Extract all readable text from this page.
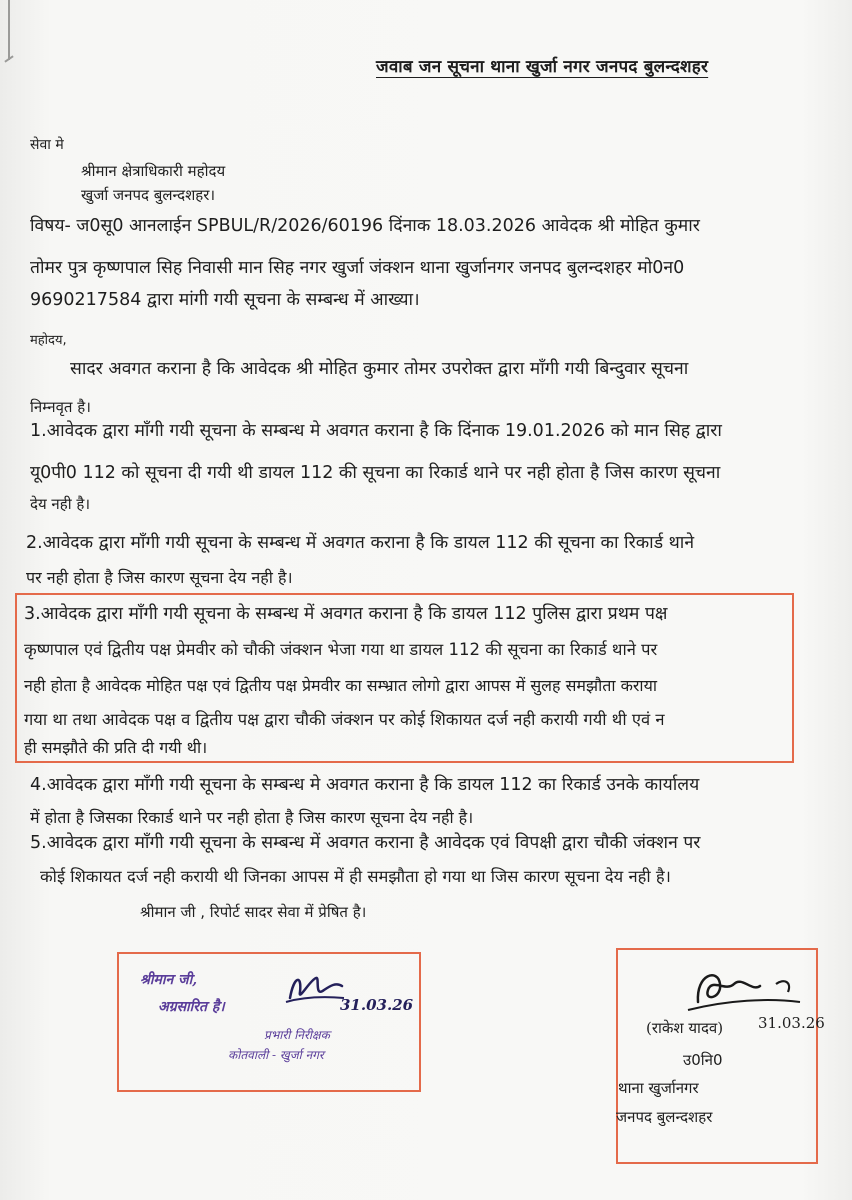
जवाब जन सूचना थाना खुर्जा नगर जनपद बुलन्दशहर
सेवा मे
श्रीमान क्षेत्राधिकारी महोदय
खुर्जा जनपद बुलन्दशहर।
विषय- ज0सू0 आनलाईन SPBUL/R/2026/60196 दिंनाक 18.03.2026 आवेदक श्री मोहित कुमार
तोमर पुत्र कृष्णपाल सिह निवासी मान सिह नगर खुर्जा जंक्शन थाना खुर्जानगर जनपद बुलन्दशहर मो0न0
9690217584 द्वारा मांगी गयी सूचना के सम्बन्ध में आख्या।
महोदय,
सादर अवगत कराना है कि आवेदक श्री मोहित कुमार तोमर उपरोक्त द्वारा माँगी गयी बिन्दुवार सूचना
निम्नवृत है।
1.आवेदक द्वारा माँगी गयी सूचना के सम्बन्ध मे अवगत कराना है कि दिंनाक 19.01.2026 को मान सिह द्वारा
यू0पी0 112 को सूचना दी गयी थी डायल 112 की सूचना का रिकार्ड थाने पर नही होता है जिस कारण सूचना
देय नही है।
2.आवेदक द्वारा माँगी गयी सूचना के सम्बन्ध में अवगत कराना है कि डायल 112 की सूचना का रिकार्ड थाने
पर नही होता है जिस कारण सूचना देय नही है।
3.आवेदक द्वारा माँगी गयी सूचना के सम्बन्ध में अवगत कराना है कि डायल 112 पुलिस द्वारा प्रथम पक्ष
कृष्णपाल एवं द्वितीय पक्ष प्रेमवीर को चौकी जंक्शन भेजा गया था डायल 112 की सूचना का रिकार्ड थाने पर
नही होता है आवेदक मोहित पक्ष एवं द्वितीय पक्ष प्रेमवीर का सम्भ्रात लोगो द्वारा आपस में सुलह समझौता कराया
गया था तथा आवेदक पक्ष व द्वितीय पक्ष द्वारा चौकी जंक्शन पर कोई शिकायत दर्ज नही करायी गयी थी एवं न
ही समझौते की प्रति दी गयी थी।
4.आवेदक द्वारा माँगी गयी सूचना के सम्बन्ध मे अवगत कराना है कि डायल 112 का रिकार्ड उनके कार्यालय
में होता है जिसका रिकार्ड थाने पर नही होता है जिस कारण सूचना देय नही है।
5.आवेदक द्वारा माँगी गयी सूचना के सम्बन्ध में अवगत कराना है आवेदक एवं विपक्षी द्वारा चौकी जंक्शन पर
कोई शिकायत दर्ज नही करायी थी जिनका आपस में ही समझौता हो गया था जिस कारण सूचना देय नही है।
श्रीमान जी , रिपोर्ट सादर सेवा में प्रेषित है।
श्रीमान जी,
अग्रसारित है।
प्रभारी निरीक्षक
कोतवाली - खुर्जा नगर
31.03.26
(राकेश यादव) 31.03.26
उ0नि0
थाना खुर्जानगर
जनपद बुलन्दशहर
